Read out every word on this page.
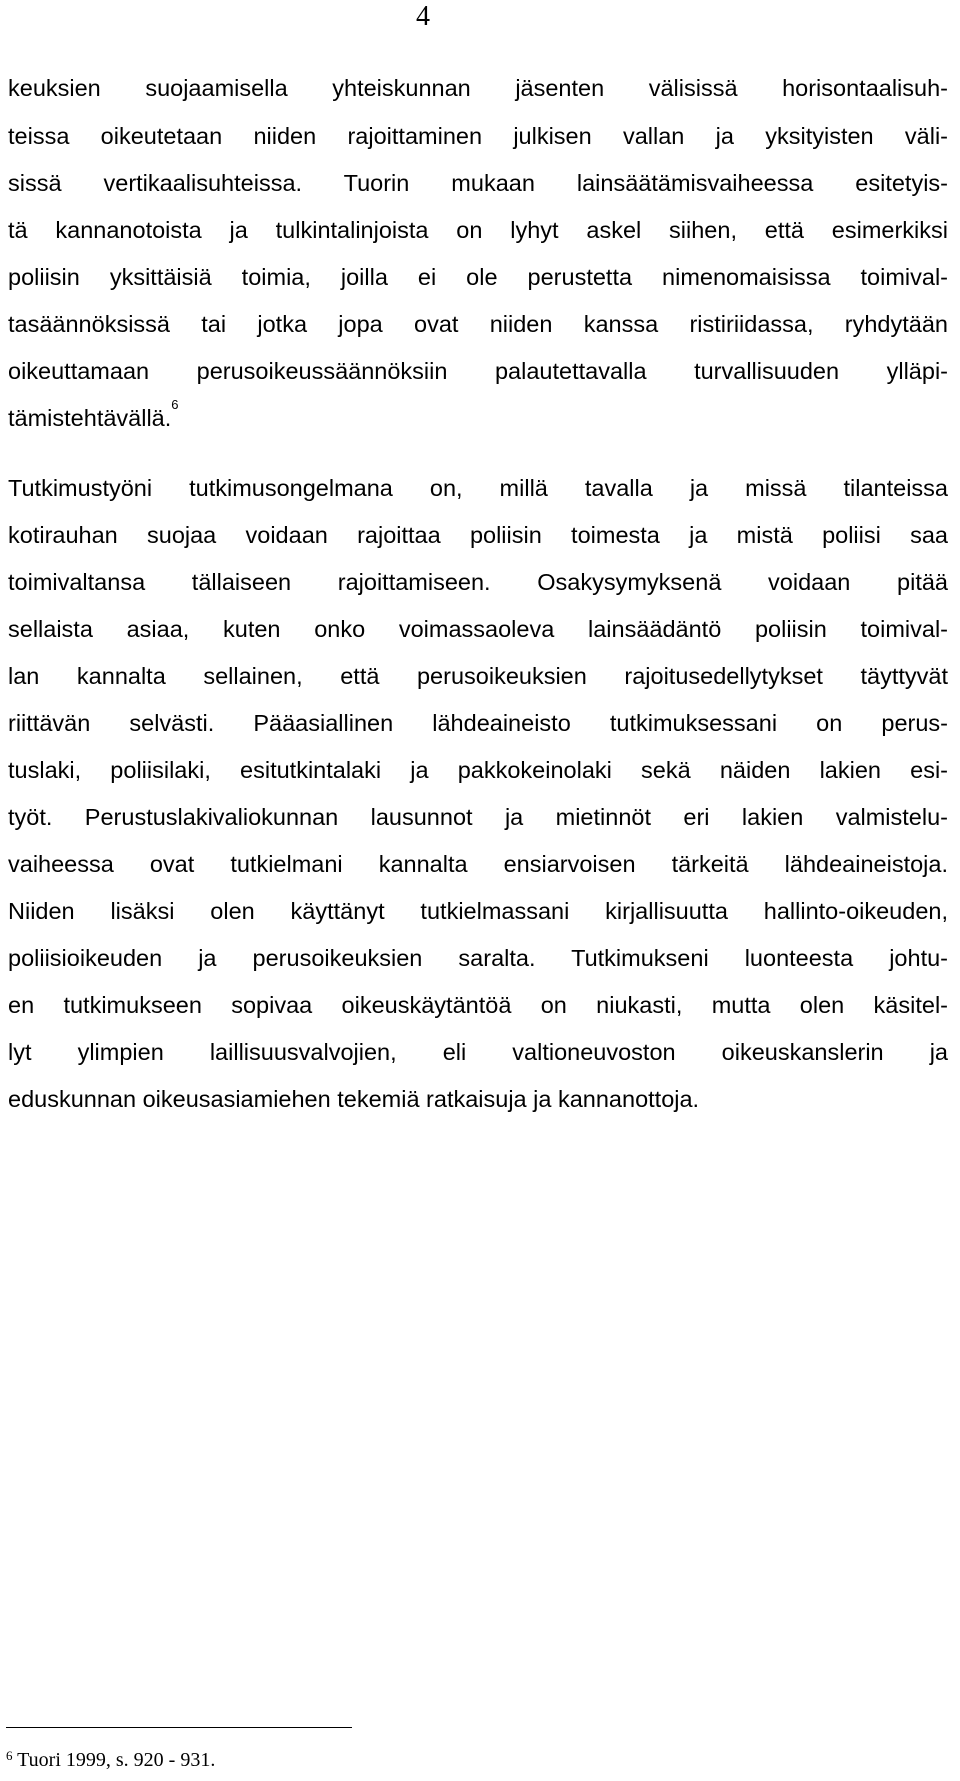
4
keuksien suojaamisella yhteiskunnan jäsenten välisissä horisontaalisuh-
teissa oikeutetaan niiden rajoittaminen julkisen vallan ja yksityisten väli-
sissä vertikaalisuhteissa. Tuorin mukaan lainsäätämisvaiheessa esitetyis-
tä kannanotoista ja tulkintalinjoista on lyhyt askel siihen, että esimerkiksi
poliisin yksittäisiä toimia, joilla ei ole perustetta nimenomaisissa toimival-
tasäännöksissä tai jotka jopa ovat niiden kanssa ristiriidassa, ryhdytään
oikeuttamaan perusoikeussäännöksiin palautettavalla turvallisuuden ylläpi-
tämistehtävällä.$^6$
Tutkimustyöni tutkimusongelmana on, millä tavalla ja missä tilanteissa
kotirauhan suojaa voidaan rajoittaa poliisin toimesta ja mistä poliisi saa
toimivaltansa tällaiseen rajoittamiseen. Osakysymyksenä voidaan pitää
sellaista asiaa, kuten onko voimassaoleva lainsäädäntö poliisin toimival-
lan kannalta sellainen, että perusoikeuksien rajoitusedellytykset täyttyvät
riittävän selvästi. Pääasiallinen lähdeaineisto tutkimuksessani on perus-
tuslaki, poliisilaki, esitutkintalaki ja pakkokeinolaki sekä näiden lakien esi-
työt. Perustuslakivaliokunnan lausunnot ja mietinnöt eri lakien valmistelu-
vaiheessa ovat tutkielmani kannalta ensiarvoisen tärkeitä lähdeaineistoja.
Niiden lisäksi olen käyttänyt tutkielmassani kirjallisuutta hallinto-oikeuden,
poliisioikeuden ja perusoikeuksien saralta. Tutkimukseni luonteesta johtu-
en tutkimukseen sopivaa oikeuskäytäntöä on niukasti, mutta olen käsitel-
lyt ylimpien laillisuusvalvojien, eli valtioneuvoston oikeuskanslerin ja
eduskunnan oikeusasiamiehen tekemiä ratkaisuja ja kannanottoja.
$^6$ Tuori 1999, s. 920 - 931.
